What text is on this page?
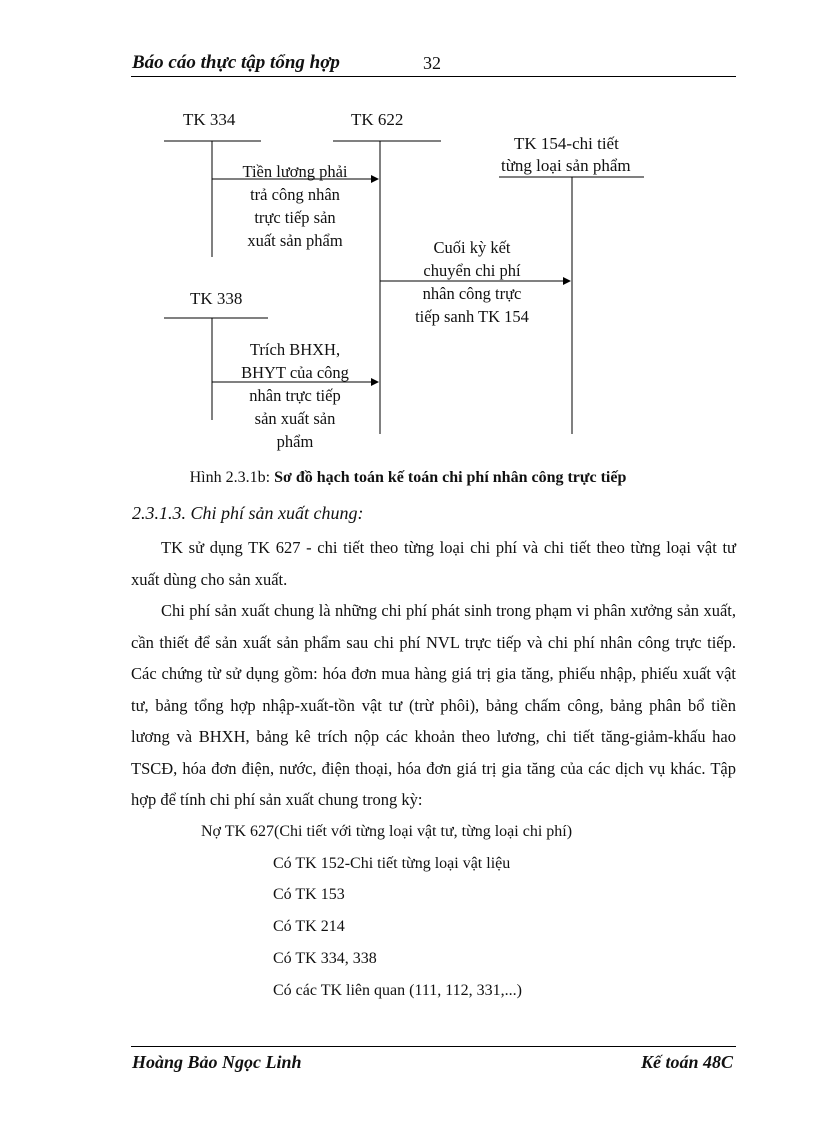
Báo cáo thực tập tổng hợp	32
TK 334	TK 622
TK 154-chi tiết
từng loại sản phẩm
TK 338
Tiền lương phải
trả công nhân
trực tiếp sản
xuất sản phẩm	Cuối kỳ kết
chuyển chi phí
nhân công trực
tiếp sanh TK 154
Trích BHXH,
BHYT của công
nhân trực tiếp
sản xuất sản
phẩm
Hình 2.3.1b: Sơ đồ hạch toán kế toán chi phí nhân công trực tiếp
2.3.1.3. Chi phí sản xuất chung:

TK sử dụng TK 627 - chi tiết theo từng loại chi phí và chi tiết theo từng loại vật tư xuất dùng cho sản xuất.

Chi phí sản xuất chung là những chi phí phát sinh trong phạm vi phân xưởng sản xuất, cần thiết để sản xuất sản phẩm sau chi phí NVL trực tiếp và chi phí nhân công trực tiếp. Các chứng từ sử dụng gồm: hóa đơn mua hàng giá trị gia tăng, phiếu nhập, phiếu xuất vật tư, bảng tổng hợp nhập-xuất-tồn vật tư (trừ phôi), bảng chấm công, bảng phân bổ tiền lương và BHXH, bảng kê trích nộp các khoản theo lương, chi tiết tăng-giảm-khấu hao TSCĐ, hóa đơn điện, nước, điện thoại, hóa đơn giá trị gia tăng của các dịch vụ khác. Tập hợp để tính chi phí sản xuất chung trong kỳ:

Nợ TK 627(Chi tiết với từng loại vật tư, từng loại chi phí)
Có TK 152-Chi tiết từng loại vật liệu
Có TK 153
Có TK 214
Có TK 334, 338
Có các TK liên quan (111, 112, 331,...)
Hoàng Bảo Ngọc Linh	Kế toán 48C
